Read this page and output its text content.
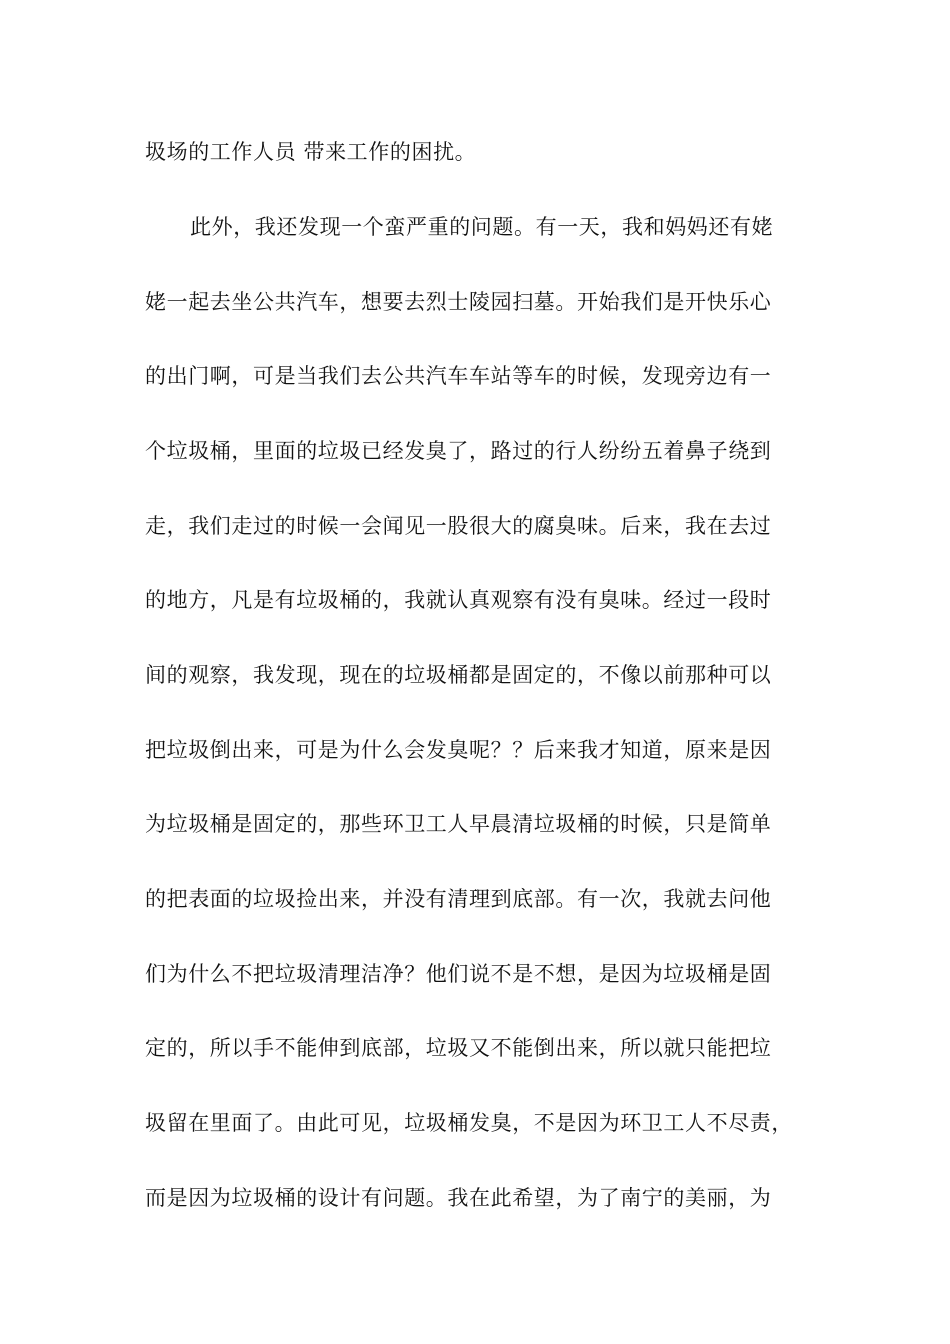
圾场的工作人员 带来工作的困扰。
此外，我还发现一个蛮严重的问题。有一天，我和妈妈还有姥
姥一起去坐公共汽车，想要去烈士陵园扫墓。开始我们是开快乐心
的出门啊，可是当我们去公共汽车车站等车的时候，发现旁边有一
个垃圾桶，里面的垃圾已经发臭了，路过的行人纷纷五着鼻子绕到
走，我们走过的时候一会闻见一股很大的腐臭味。后来，我在去过
的地方，凡是有垃圾桶的，我就认真观察有没有臭味。经过一段时
间的观察，我发现，现在的垃圾桶都是固定的，不像以前那种可以
把垃圾倒出来，可是为什么会发臭呢？？后来我才知道，原来是因
为垃圾桶是固定的，那些环卫工人早晨清垃圾桶的时候，只是简单
的把表面的垃圾捡出来，并没有清理到底部。有一次，我就去问他
们为什么不把垃圾清理洁净？他们说不是不想，是因为垃圾桶是固
定的，所以手不能伸到底部，垃圾又不能倒出来，所以就只能把垃
圾留在里面了。由此可见，垃圾桶发臭，不是因为环卫工人不尽责，
而是因为垃圾桶的设计有问题。我在此希望，为了南宁的美丽，为
